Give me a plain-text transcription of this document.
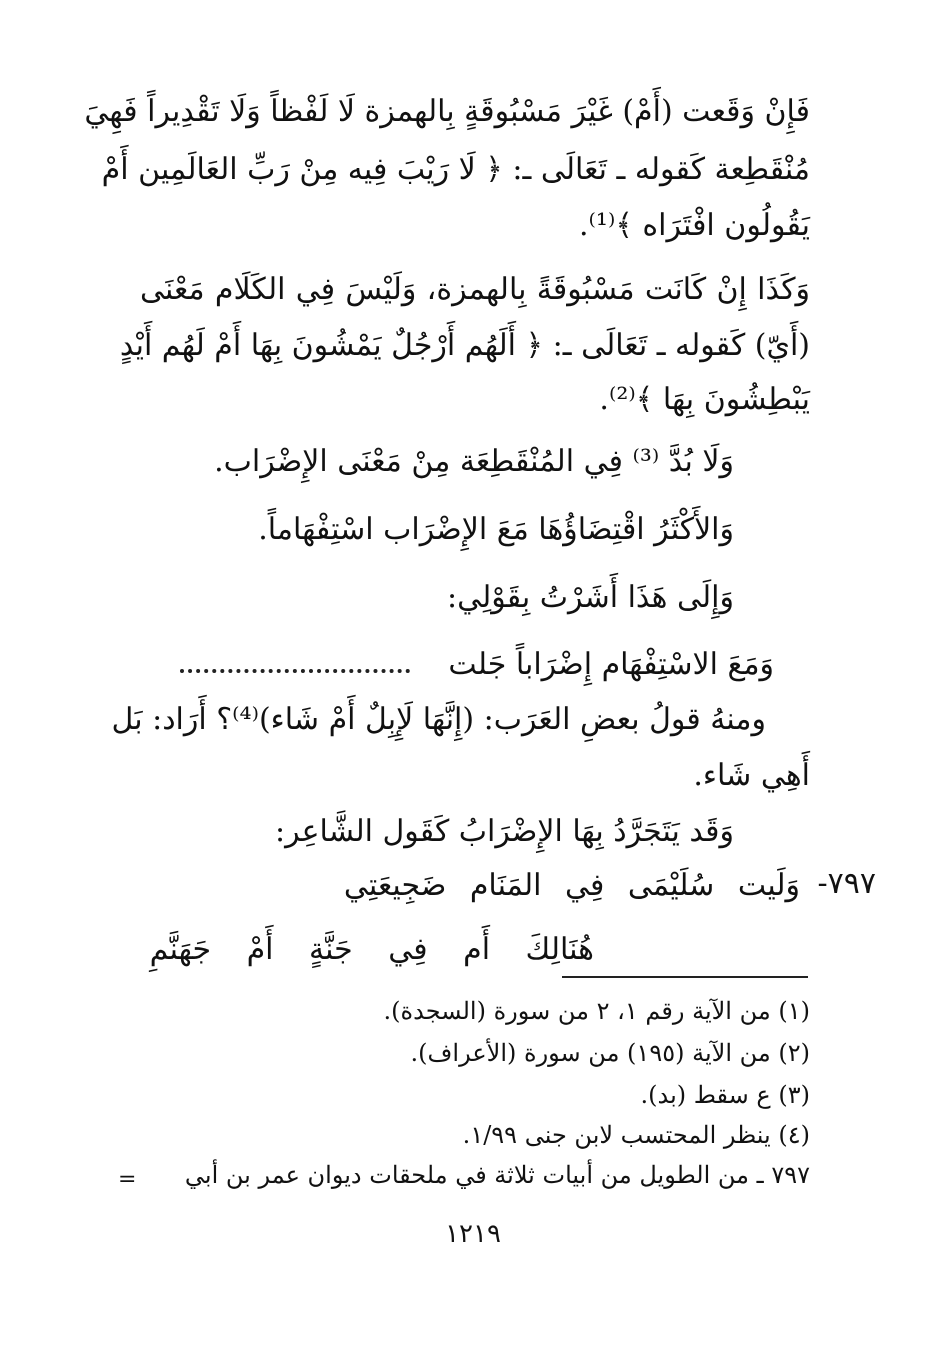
فَإِنْ وَقَعت (أَمْ) غَيْرَ مَسْبُوقَةٍ بِالهمزة لَا لَفْظاً وَلَا تَقْدِيراً فَهِيَ
مُنْقَطِعة كَقوله ـ تَعَالَى ـ: ﴿ لَا رَيْبَ فِيه مِنْ رَبِّ العَالَمِين أَمْ
يَقُولُون افْتَرَاه ﴾⁽¹⁾.
وَكَذَا إِنْ كَانَت مَسْبُوقَةً بِالهمزة، وَلَيْسَ فِي الكَلَام مَعْنَى
(أَيّ) كَقوله ـ تَعَالَى ـ: ﴿ أَلَهُم أَرْجُلٌ يَمْشُونَ بِهَا أَمْ لَهُم أَيْدٍ
يَبْطِشُونَ بِهَا ﴾⁽²⁾.
وَلَا بُدَّ ⁽³⁾ فِي المُنْقَطِعَة مِنْ مَعْنَى الإِضْرَاب.
وَالأَكْثَرُ اقْتِضَاؤُهَا مَعَ الإِضْرَاب اسْتِفْهَاماً.
وَإِلَى هَذَا أَشَرْتُ بِقَوْلِي:
وَمَعَ الاسْتِفْهَام إِضْرَاباً جَلت
ومنهُ قولُ بعضِ العَرَب: (إِنَّهَا لَإِبِلٌ أَمْ شَاء)⁽⁴⁾؟ أَرَاد: بَل
أَهِي شَاء.
وَقَد يَتَجَرَّدُ بِهَا الإِضْرَابُ كَقَول الشَّاعِر:
٧٩٧-
وَلَيت سُلَيْمَى فِي المَنَام ضَجِيعَتِي
هُنَالِكَ أَم فِي جَنَّةٍ أَمْ جَهَنَّمِ
(١) من الآية رقم ١، ٢ من سورة (السجدة).
(٢) من الآية (١٩٥) من سورة (الأعراف).
(٣) ع سقط (بد).
(٤) ينظر المحتسب لابن جنى ١/٩٩.
٧٩٧ ـ من الطويل من أبيات ثلاثة في ملحقات ديوان عمر بن أبي
=
١٢١٩
